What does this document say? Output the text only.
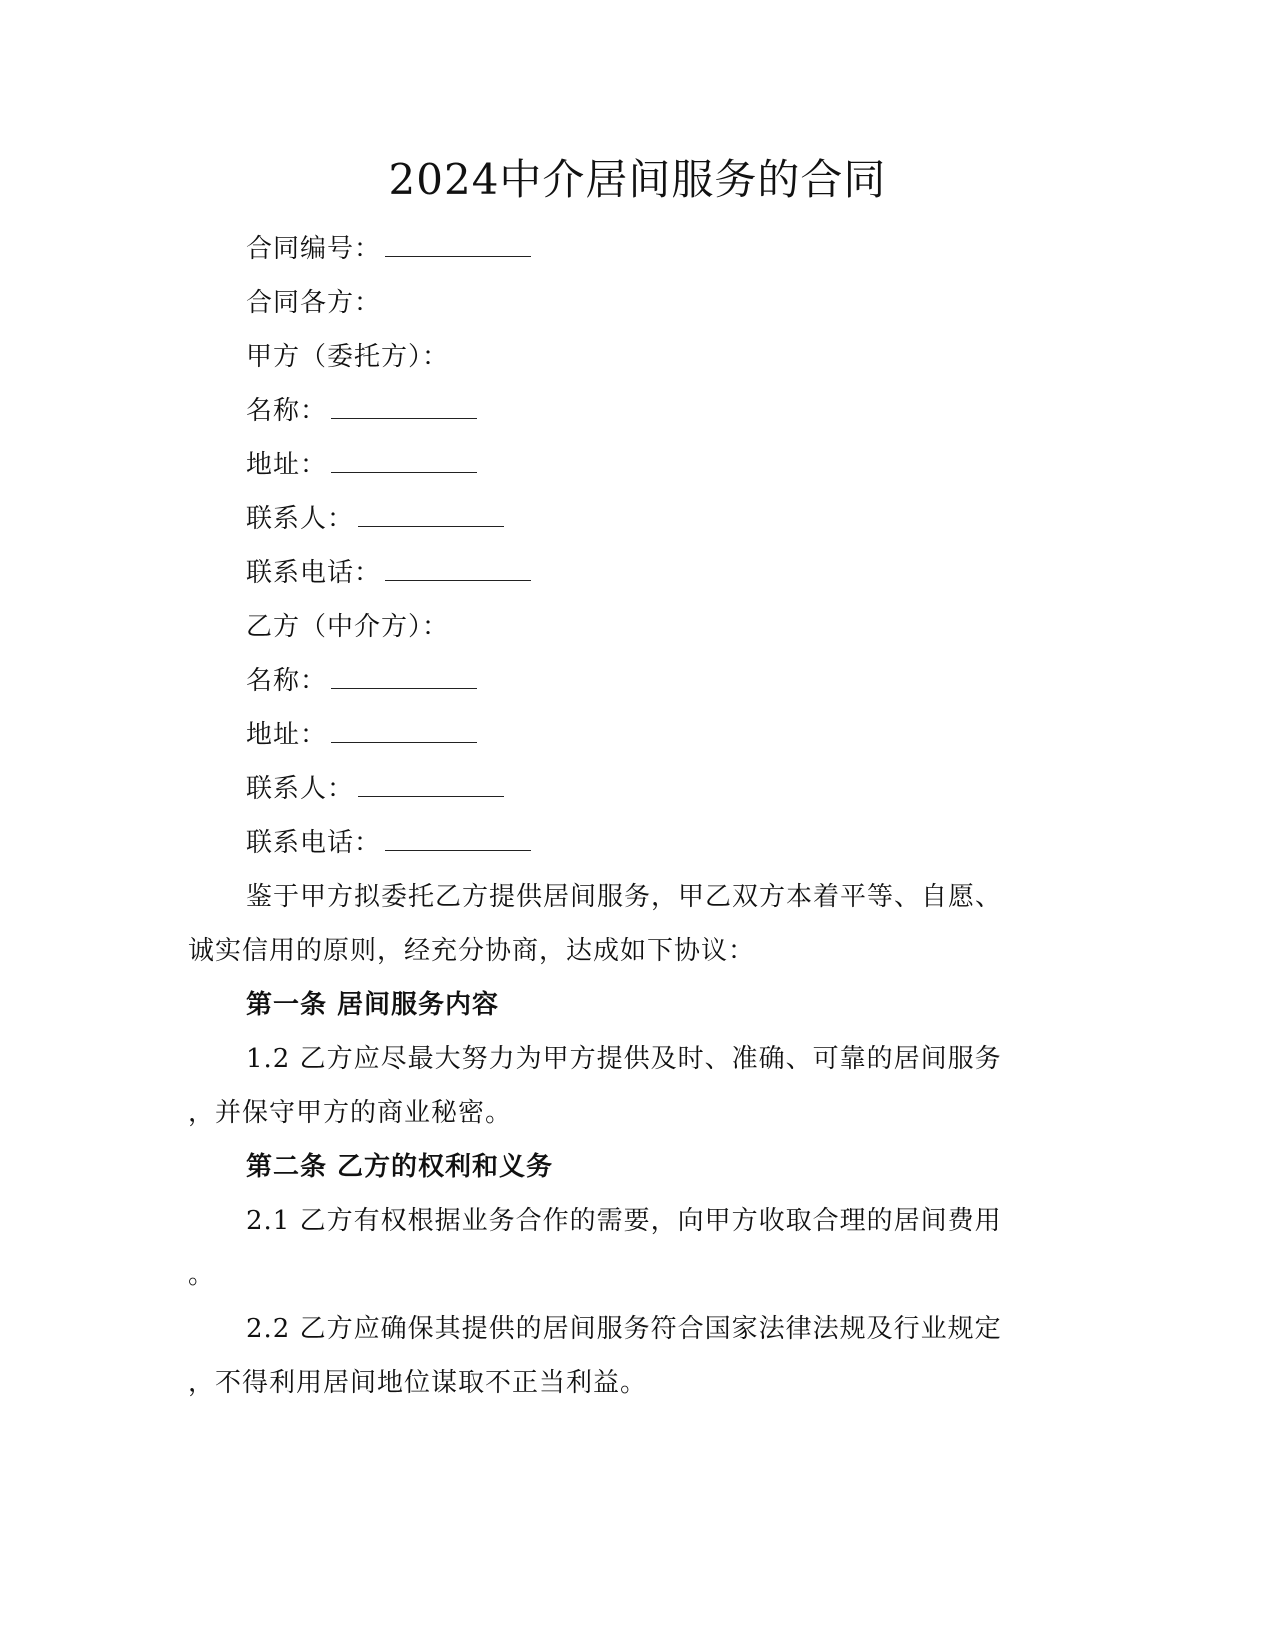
2024中介居间服务的合同
合同编号：
合同各方：
甲方（委托方）：
名称：
地址：
联系人：
联系电话：
乙方（中介方）：
名称：
地址：
联系人：
联系电话：
鉴于甲方拟委托乙方提供居间服务，甲乙双方本着平等、自愿、
诚实信用的原则，经充分协商，达成如下协议：
第一条 居间服务内容
1.2 乙方应尽最大努力为甲方提供及时、准确、可靠的居间服务
，并保守甲方的商业秘密。
第二条 乙方的权利和义务
2.1 乙方有权根据业务合作的需要，向甲方收取合理的居间费用
。
2.2 乙方应确保其提供的居间服务符合国家法律法规及行业规定
，不得利用居间地位谋取不正当利益。
